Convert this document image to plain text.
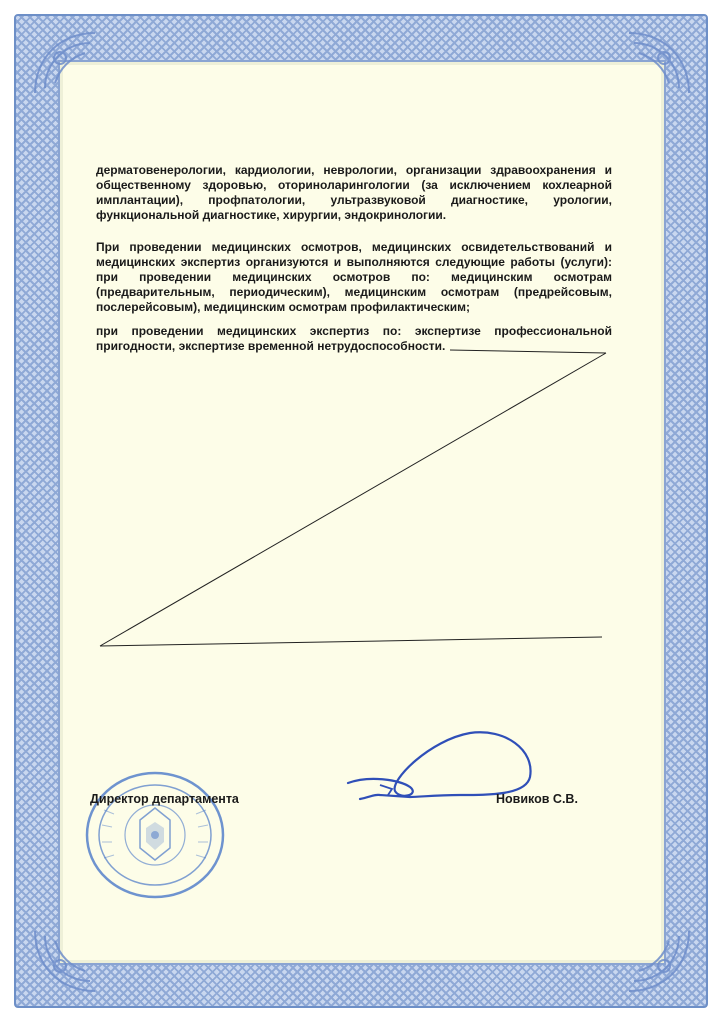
дерматовенерологии, кардиологии, неврологии, организации здравоохранения и общественному здоровью, оториноларингологии (за исключением кохлеарной имплантации), профпатологии, ультразвуковой диагностике, урологии, функциональной диагностике, хирургии, эндокринологии.

При проведении медицинских осмотров, медицинских освидетельствований и медицинских экспертиз организуются и выполняются следующие работы (услуги): при проведении медицинских осмотров по: медицинским осмотрам (предварительным, периодическим), медицинским осмотрам (предрейсовым, послерейсовым), медицинским осмотрам профилактическим;

при проведении медицинских экспертиз по: экспертизе профессиональной пригодности, экспертизе временной нетрудоспособности.

Директор департамента	Новиков С.В.
